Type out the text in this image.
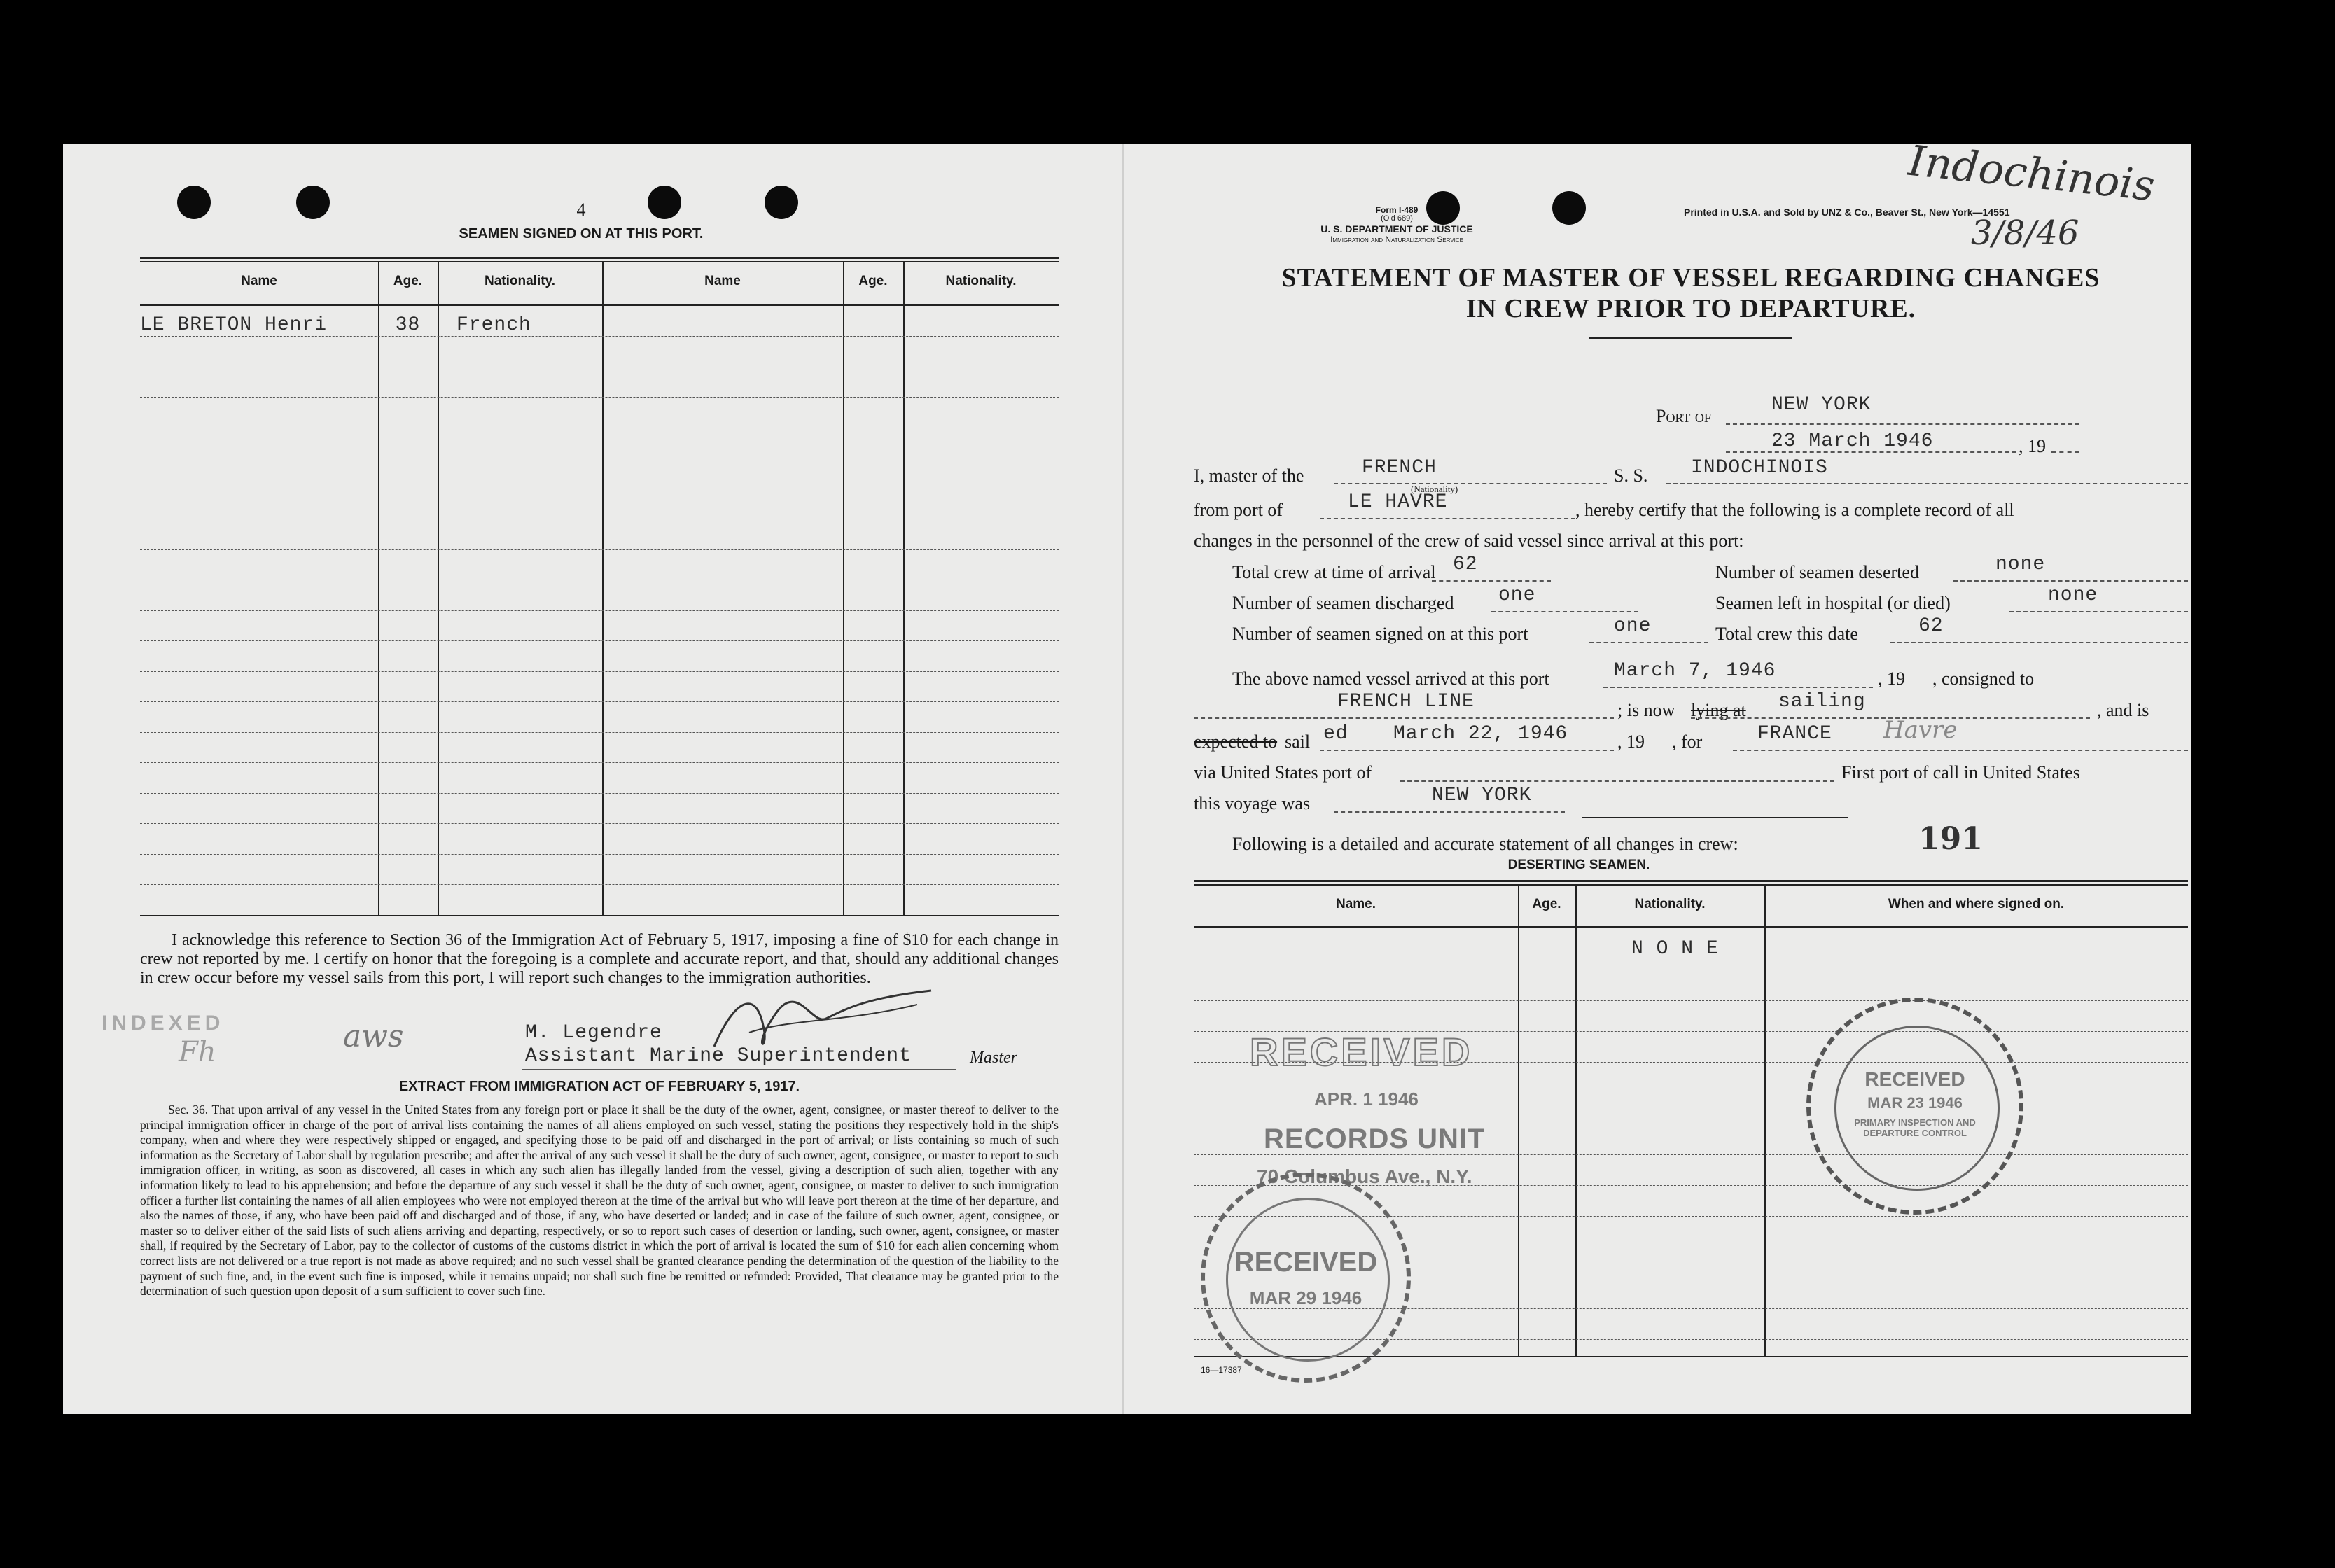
4
SEAMEN SIGNED ON AT THIS PORT.
Name	Age.	Nationality.	Name	Age.	Nationality.
LE BRETON Henri	38	French
I acknowledge this reference to Section 36 of the Immigration Act of February 5, 1917, imposing a fine of $10 for each change in crew not reported by me. I certify on honor that the foregoing is a complete and accurate report, and that, should any additional changes in crew occur before my vessel sails from this port, I will report such changes to the immigration authorities.
INDEXED
Fh	aws	M. Legendre
Assistant Marine Superintendent	Master
EXTRACT FROM IMMIGRATION ACT OF FEBRUARY 5, 1917.
Sec. 36. That upon arrival of any vessel in the United States from any foreign port or place it shall be the duty of the owner, agent, consignee, or master thereof to deliver to the principal immigration officer in charge of the port of arrival lists containing the names of all aliens employed on such vessel, stating the positions they respectively hold in the ship's company, when and where they were respectively shipped or engaged, and specifying those to be paid off and discharged in the port of arrival; or lists containing so much of such information as the Secretary of Labor shall by regulation prescribe; and after the arrival of any such vessel it shall be the duty of such owner, agent, consignee, or master to report to such immigration officer, in writing, as soon as discovered, all cases in which any such alien has illegally landed from the vessel, giving a description of such alien, together with any information likely to lead to his apprehension; and before the departure of any such vessel it shall be the duty of such owner, agent, consignee, or master to deliver to such immigration officer a further list containing the names of all alien employees who were not employed thereon at the time of the arrival but who will leave port thereon at the time of her departure, and also the names of those, if any, who have been paid off and discharged and of those, if any, who have deserted or landed; and in case of the failure of such owner, agent, consignee, or master so to deliver either of the said lists of such aliens arriving and departing, respectively, or so to report such cases of desertion or landing, such owner, agent, consignee, or master shall, if required by the Secretary of Labor, pay to the collector of customs of the customs district in which the port of arrival is located the sum of $10 for each alien concerning whom correct lists are not delivered or a true report is not made as above required; and no such vessel shall be granted clearance pending the determination of the question of the liability to the payment of such fine, and, in the event such fine is imposed, while it remains unpaid; nor shall such fine be remitted or refunded: Provided, That clearance may be granted prior to the determination of such question upon deposit of a sum sufficient to cover such fine.
Form I-489
(Old 689)
U. S. DEPARTMENT OF JUSTICE
Immigration and Naturalization Service
Printed in U.S.A. and Sold by UNZ & Co., Beaver St., New York—14551
Indochinois
3/8/46
STATEMENT OF MASTER OF VESSEL REGARDING CHANGES
IN CREW PRIOR TO DEPARTURE.
Port of
NEW YORK
23 March 1946	, 19
I, master of the	FRENCH
(Nationality)
S. S. INDOCHINOIS
from port of	LE HAVRE	, hereby certify that the following is a complete record of all
changes in the personnel of the crew of said vessel since arrival at this port:
Total crew at time of arrival 62	Number of seamen deserted	none
Number of seamen discharged one	Seamen left in hospital (or died)	none
Number of seamen signed on at this port	one	Total crew this date	62
The above named vessel arrived at this port	March 7, 1946	, 19      , consigned to
FRENCH LINE	; is now lying at sailing	, and is
expected to sail ed March 22, 1946	, 19      , for	FRANCE Havre
via United States port of	First port of call in United States
this voyage was	NEW YORK
Following is a detailed and accurate statement of all changes in crew:	191
DESERTING SEAMEN.
Name.	Age.	Nationality.	When and where signed on.
N O N E
RECEIVED
APR. 1 1946
RECORDS UNIT
70 Columbus Ave., N.Y.
RECEIVED
MAR 29 1946
RECEIVED
MAR 23 1946
PRIMARY INSPECTION AND DEPARTURE CONTROL
16—17387
